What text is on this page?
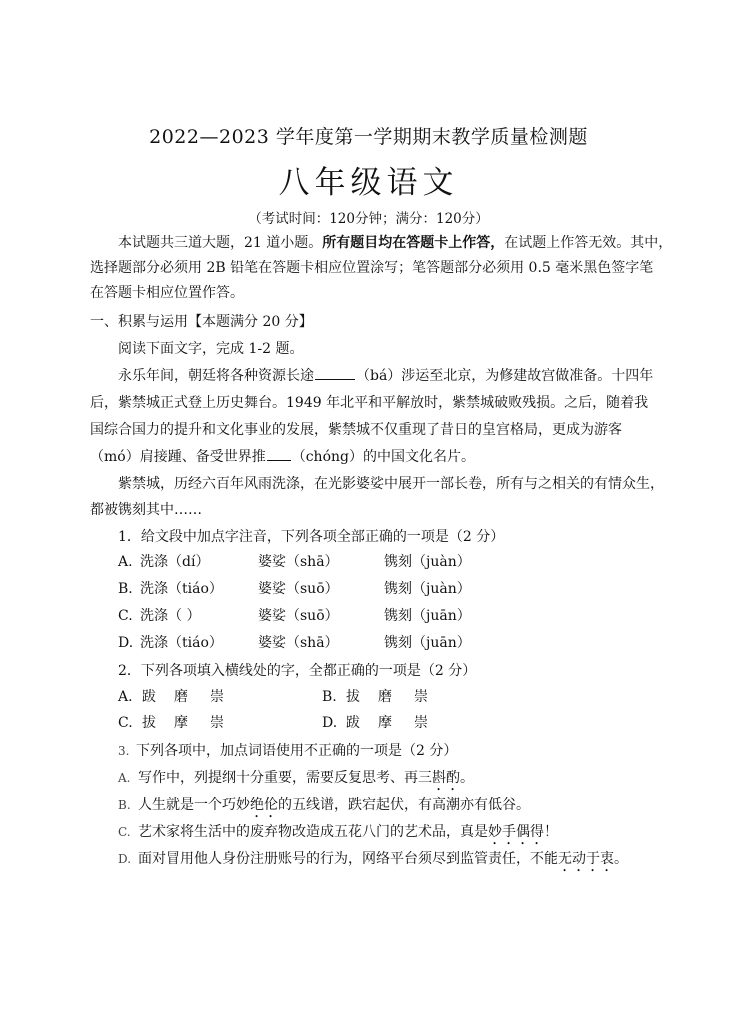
2022—2023 学年度第一学期期末教学质量检测题
八年级语文
（考试时间：120分钟；满分：120分）
本试题共三道大题，21 道小题。所有题目均在答题卡上作答，在试题上作答无效。其中，
选择题部分必须用 2B 铅笔在答题卡相应位置涂写；笔答题部分必须用 0.5 毫米黑色签字笔
在答题卡相应位置作答。
一、积累与运用【本题满分 20 分】
阅读下面文字，完成 1-2 题。
永乐年间，朝廷将各种资源长途	（bá）涉运至北京，为修建故宫做准备。十四年
后，紫禁城正式登上历史舞台。1949 年北平和平解放时，紫禁城破败残损。之后，随着我
国综合国力的提升和文化事业的发展，紫禁城不仅重现了昔日的皇宫格局，更成为游客
（mó）肩接踵、备受世界推 （chóng）的中国文化名片。
紫禁城，历经六百年风雨洗涤，在光影婆娑中展开一部长卷，所有与之相关的有情众生，
都被镌刻其中……
1．给文段中加点字注音，下列各项全部正确的一项是（2 分）
A. 洗涤（dí）	婆娑（shā）	镌刻（juàn）
B. 洗涤（tiáo）	婆娑（suō）	镌刻（juàn）
C. 洗涤（ ）	婆娑（suō）	镌刻（juān）
D. 洗涤（tiáo）	婆娑（shā）	镌刻（juān）
2．下列各项填入横线处的字，全都正确的一项是（2 分）
A. 跋 磨 崇	B. 拔 磨 崇
C. 拔 摩 崇	D. 跋 摩 崇
3. 下列各项中，加点词语使用不正确的一项是（2 分）
A. 写作中，列提纲十分重要，需要反复思考、再三斟酌。
B. 人生就是一个巧妙绝伦的五线谱，跌宕起伏，有高潮亦有低谷。
C. 艺术家将生活中的废弃物改造成五花八门的艺术品，真是妙手偶得！
D. 面对冒用他人身份注册账号的行为，网络平台须尽到监管责任，不能无动于衷。
